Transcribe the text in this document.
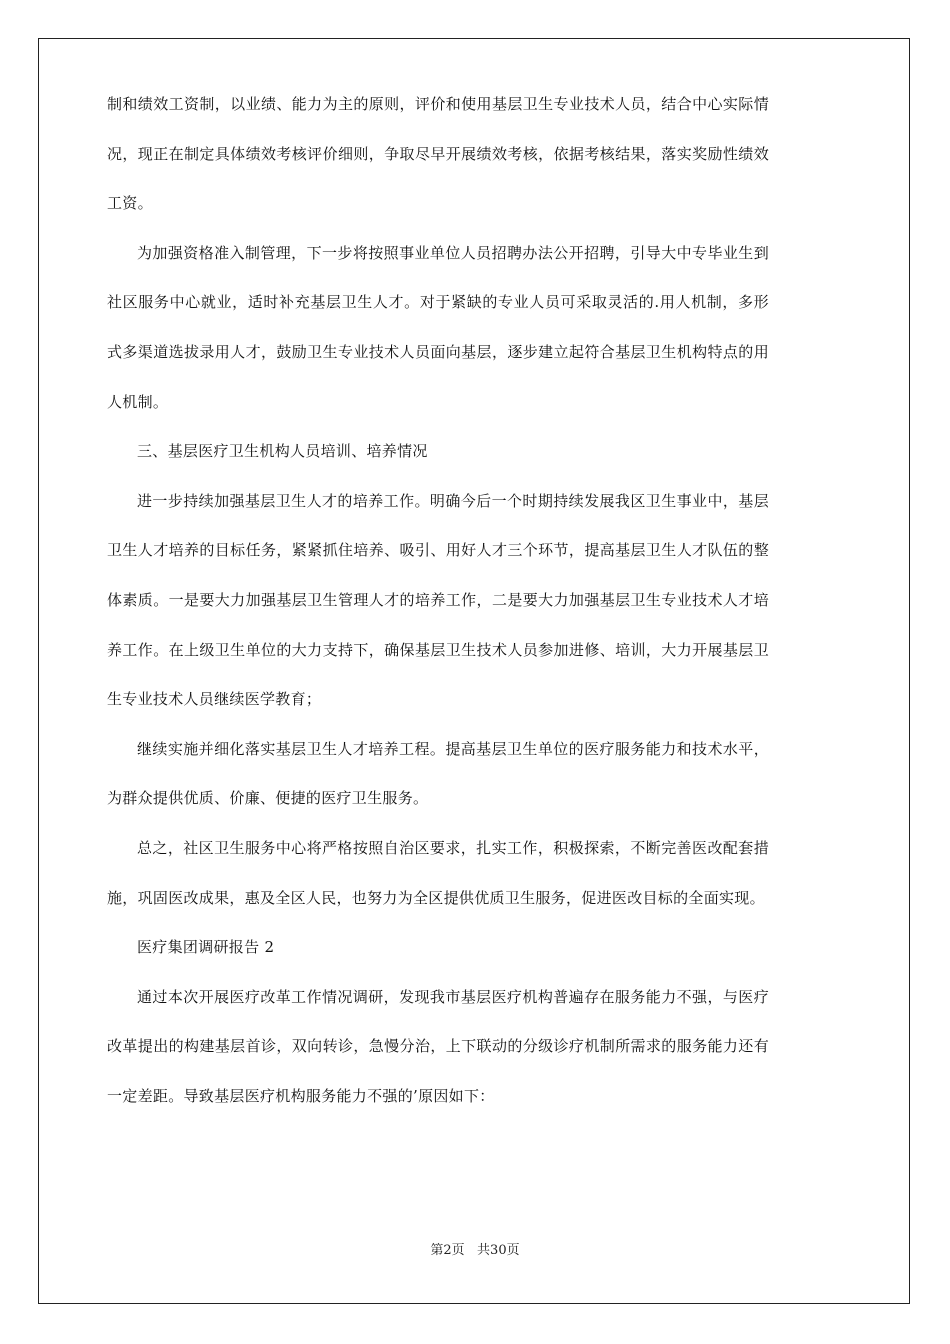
制和绩效工资制，以业绩、能力为主的原则，评价和使用基层卫生专业技术人员，结合中心实际情况，现正在制定具体绩效考核评价细则，争取尽早开展绩效考核，依据考核结果，落实奖励性绩效工资。

为加强资格准入制管理，下一步将按照事业单位人员招聘办法公开招聘，引导大中专毕业生到社区服务中心就业，适时补充基层卫生人才。对于紧缺的专业人员可采取灵活的.用人机制，多形式多渠道选拔录用人才，鼓励卫生专业技术人员面向基层，逐步建立起符合基层卫生机构特点的用人机制。

三、基层医疗卫生机构人员培训、培养情况

进一步持续加强基层卫生人才的培养工作。明确今后一个时期持续发展我区卫生事业中，基层卫生人才培养的目标任务，紧紧抓住培养、吸引、用好人才三个环节，提高基层卫生人才队伍的整体素质。一是要大力加强基层卫生管理人才的培养工作，二是要大力加强基层卫生专业技术人才培养工作。在上级卫生单位的大力支持下，确保基层卫生技术人员参加进修、培训，大力开展基层卫生专业技术人员继续医学教育；

继续实施并细化落实基层卫生人才培养工程。提高基层卫生单位的医疗服务能力和技术水平，为群众提供优质、价廉、便捷的医疗卫生服务。

总之，社区卫生服务中心将严格按照自治区要求，扎实工作，积极探索，不断完善医改配套措施，巩固医改成果，惠及全区人民，也努力为全区提供优质卫生服务，促进医改目标的全面实现。

医疗集团调研报告 2

通过本次开展医疗改革工作情况调研，发现我市基层医疗机构普遍存在服务能力不强，与医疗改革提出的构建基层首诊，双向转诊，急慢分治，上下联动的分级诊疗机制所需求的服务能力还有一定差距。导致基层医疗机构服务能力不强的’原因如下：

第2页   共30页
